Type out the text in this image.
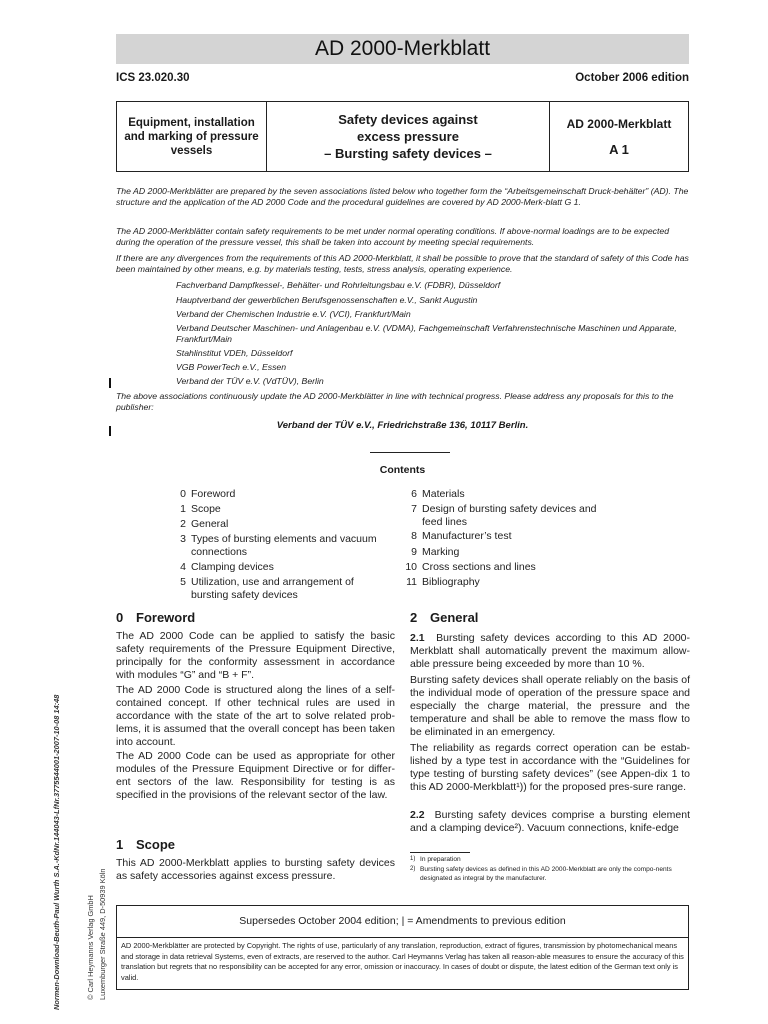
AD 2000-Merkblatt
ICS 23.020.30	October 2006 edition
Equipment, installation and marking of pressure vessels
Safety devices against
excess pressure
– Bursting safety devices –
AD 2000-Merkblatt
A 1
The AD 2000-Merkblätter are prepared by the seven associations listed below who together form the “Arbeitsgemeinschaft Druck-behälter” (AD). The structure and the application of the AD 2000 Code and the procedural guidelines are covered by AD 2000-Merk-blatt G 1.
The AD 2000-Merkblätter contain safety requirements to be met under normal operating conditions. If above-normal loadings are to be expected during the operation of the pressure vessel, this shall be taken into account by meeting special requirements.
If there are any divergences from the requirements of this AD 2000-Merkblatt, it shall be possible to prove that the standard of safety of this Code has been maintained by other means, e.g. by materials testing, tests, stress analysis, operating experience.
Fachverband Dampfkessel-, Behälter- und Rohrleitungsbau e.V. (FDBR), Düsseldorf
Hauptverband der gewerblichen Berufsgenossenschaften e.V., Sankt Augustin
Verband der Chemischen Industrie e.V. (VCI), Frankfurt/Main
Verband Deutscher Maschinen- und Anlagenbau e.V. (VDMA), Fachgemeinschaft Verfahrenstechnische Maschinen und Apparate, Frankfurt/Main
Stahlinstitut VDEh, Düsseldorf
VGB PowerTech e.V., Essen
Verband der TÜV e.V. (VdTÜV), Berlin
The above associations continuously update the AD 2000-Merkblätter in line with technical progress. Please address any proposals for this to the publisher:
Verband der TÜV e.V., Friedrichstraße 136, 10117 Berlin.
Contents
0 Foreword
1 Scope
2 General
3 Types of bursting elements and vacuum connections
4 Clamping devices
5 Utilization, use and arrangement of bursting safety devices
6 Materials
7 Design of bursting safety devices and feed lines
8 Manufacturer’s test
9 Marking
10 Cross sections and lines
11 Bibliography
0 Foreword
The AD 2000 Code can be applied to satisfy the basic safety requirements of the Pressure Equipment Directive, principally for the conformity assessment in accordance with modules “G” and “B + F”.
The AD 2000 Code is structured along the lines of a self-contained concept. If other technical rules are used in accordance with the state of the art to solve related prob-lems, it is assumed that the overall concept has been taken into account.
The AD 2000 Code can be used as appropriate for other modules of the Pressure Equipment Directive or for differ-ent sectors of the law. Responsibility for testing is as specified in the provisions of the relevant sector of the law.
1 Scope
This AD 2000-Merkblatt applies to bursting safety devices as safety accessories against excess pressure.
2 General
2.1 Bursting safety devices according to this AD 2000-Merkblatt shall automatically prevent the maximum allow-able pressure being exceeded by more than 10 %.
Bursting safety devices shall operate reliably on the basis of the individual mode of operation of the pressure space and especially the charge material, the pressure and the temperature and shall be able to remove the mass flow to be eliminated in an emergency.
The reliability as regards correct operation can be estab-lished by a type test in accordance with the “Guidelines for type testing of bursting safety devices” (see Appen-dix 1 to this AD 2000-Merkblatt¹)) for the proposed pres-sure range.
2.2 Bursting safety devices comprise a bursting element and a clamping device²). Vacuum connections, knife-edge
1) In preparation
2) Bursting safety devices as defined in this AD 2000-Merkblatt are only the compo-nents designated as integral by the manufacturer.
Supersedes October 2004 edition; | = Amendments to previous edition
AD 2000-Merkblätter are protected by Copyright. The rights of use, particularly of any translation, reproduction, extract of figures, transmission by photomechanical means and storage in data retrieval Systems, even of extracts, are reserved to the author. Carl Heymanns Verlag has taken all reason-able measures to ensure the accuracy of this translation but regrets that no responsibility can be accepted for any error, omission or inaccuracy. In cases of doubt or dispute, the latest edition of the German text only is valid.
Normen-Download-Beuth-Paul Wurth S.A.-KdNr.144043-LfNr.3775544001-2007-10-08 14:48	© Carl Heymanns Verlag GmbH Luxemburger Straße 449, D-50939 Köln
